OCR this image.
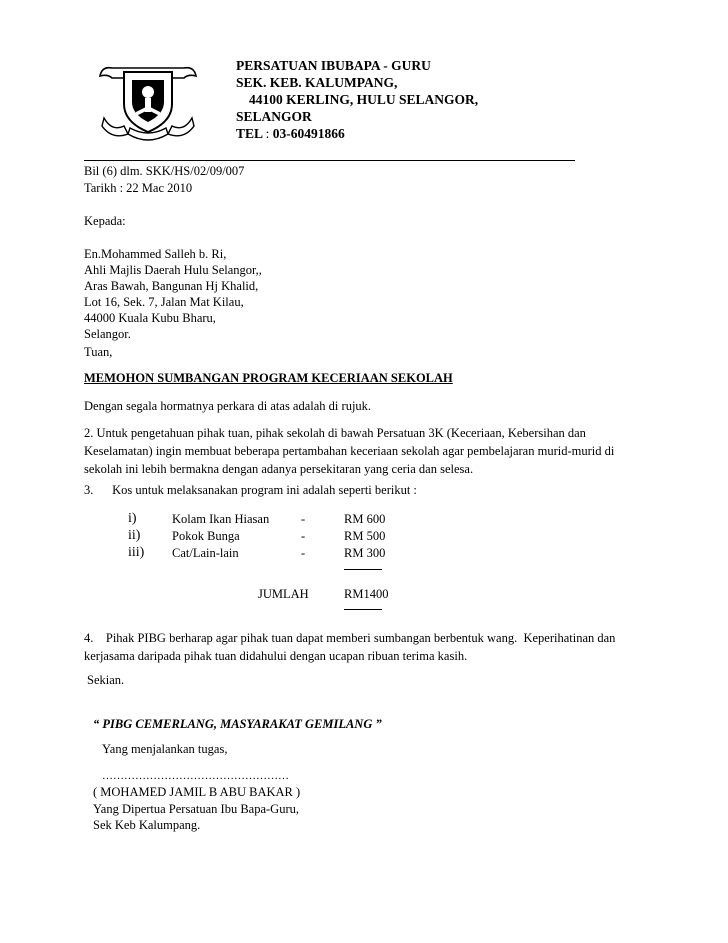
PERSATUAN IBUBAPA - GURU
SEK. KEB. KALUMPANG,
44100 KERLING, HULU SELANGOR,
SELANGOR
TEL : 03-60491866
Bil (6) dlm. SKK/HS/02/09/007
Tarikh : 22 Mac 2010
Kepada:
En.Mohammed Salleh b. Ri,
Ahli Majlis Daerah Hulu Selangor,,
Aras Bawah, Bangunan Hj Khalid,
Lot 16, Sek. 7, Jalan Mat Kilau,
44000 Kuala Kubu Bharu,
Selangor.
Tuan,
MEMOHON SUMBANGAN PROGRAM KECERIAAN SEKOLAH
Dengan segala hormatnya perkara di atas adalah di rujuk.
2. Untuk pengetahuan pihak tuan, pihak sekolah di bawah Persatuan 3K (Keceriaan, Kebersihan dan Keselamatan) ingin membuat beberapa pertambahan keceriaan sekolah agar pembelajaran murid-murid di sekolah ini lebih bermakna dengan adanya persekitaran yang ceria dan selesa.
3.      Kos untuk melaksanakan program ini adalah seperti berikut :
i)	Kolam Ikan Hiasan	-	RM 600
ii)	Pokok Bunga	-	RM 500
iii) Cat/Lain-lain	-	RM 300
JUMLAH	RM1400
4.    Pihak PIBG berharap agar pihak tuan dapat memberi sumbangan berbentuk wang.  Keperihatinan dan kerjasama daripada pihak tuan didahului dengan ucapan ribuan terima kasih.
Sekian.
“ PIBG CEMERLANG, MASYARAKAT GEMILANG ”
Yang menjalankan tugas,
……………………………………………
( MOHAMED JAMIL B ABU BAKAR )
Yang Dipertua Persatuan Ibu Bapa-Guru,
Sek Keb Kalumpang.
